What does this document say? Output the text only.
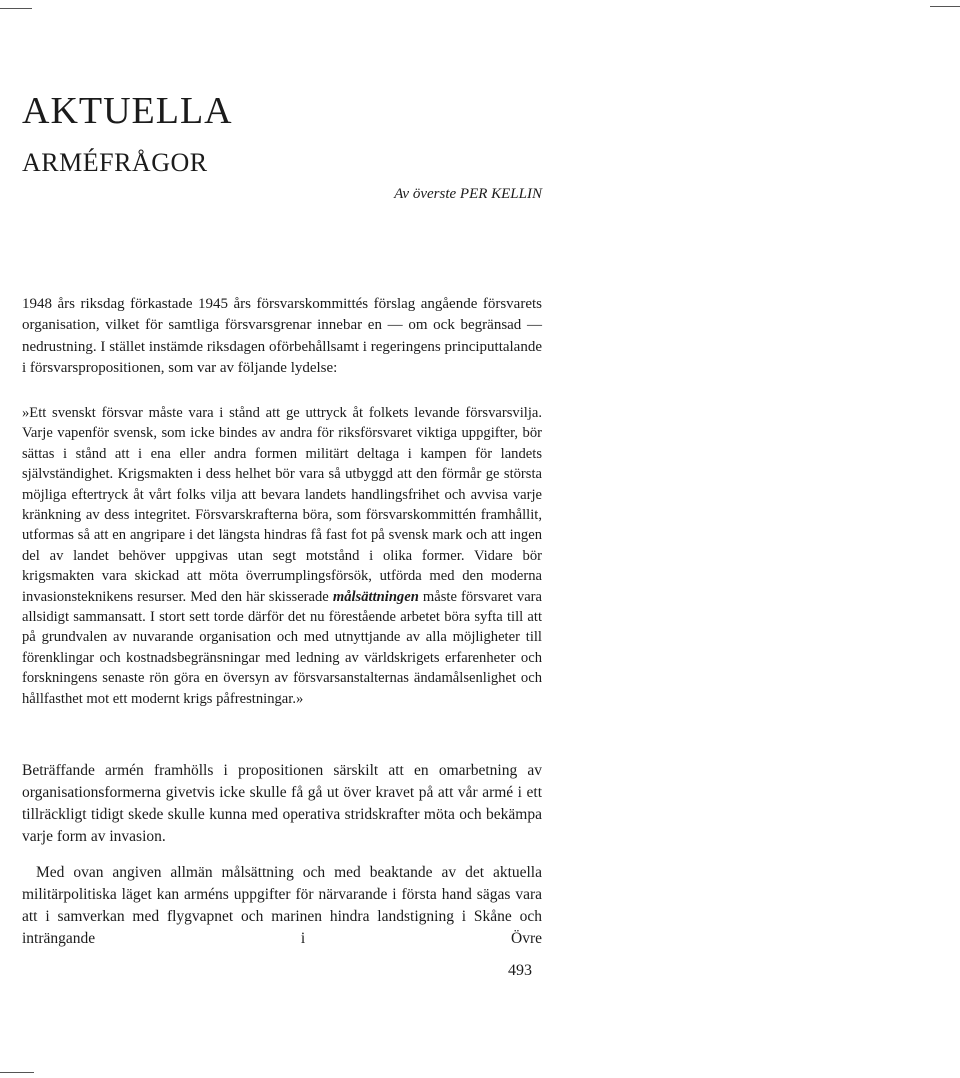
AKTUELLA
ARMÉFRÅGOR

Av överste PER KELLIN

1948 års riksdag förkastade 1945 års försvarskommittés förslag angående försvarets organisation, vilket för samtliga försvarsgrenar innebar en — om ock begränsad — nedrustning. I stället instämde riksdagen oförbehållsamt i regeringens principuttalande i försvarspropositionen, som var av följande lydelse:

»Ett svenskt försvar måste vara i stånd att ge uttryck åt folkets levande försvarsvilja. Varje vapenför svensk, som icke bindes av andra för riksförsvaret viktiga uppgifter, bör sättas i stånd att i ena eller andra formen militärt deltaga i kampen för landets självständighet. Krigsmakten i dess helhet bör vara så utbyggd att den förmår ge största möjliga eftertryck åt vårt folks vilja att bevara landets handlingsfrihet och avvisa varje kränkning av dess integritet. Försvarskrafterna böra, som försvarskommittén framhållit, utformas så att en angripare i det längsta hindras få fast fot på svensk mark och att ingen del av landet behöver uppgivas utan segt motstånd i olika former. Vidare bör krigsmakten vara skickad att möta överrumplingsförsök, utförda med den moderna invasionsteknikens resurser. Med den här skisserade målsättningen måste försvaret vara allsidigt sammansatt. I stort sett torde därför det nu förestående arbetet böra syfta till att på grundvalen av nuvarande organisation och med utnyttjande av alla möjligheter till förenklingar och kostnadsbegränsningar med ledning av världskrigets erfarenheter och forskningens senaste rön göra en översyn av försvarsanstalternas ändamålsenlighet och hållfasthet mot ett modernt krigs påfrestningar.»

Beträffande armén framhölls i propositionen särskilt att en omarbetning av organisationsformerna givetvis icke skulle få gå ut över kravet på att vår armé i ett tillräckligt tidigt skede skulle kunna med operativa stridskrafter möta och bekämpa varje form av invasion.

Med ovan angiven allmän målsättning och med beaktande av det aktuella militärpolitiska läget kan arméns uppgifter för närvarande i första hand sägas vara att i samverkan med flygvapnet och marinen hindra landstigning i Skåne och inträngande i Övre

493
